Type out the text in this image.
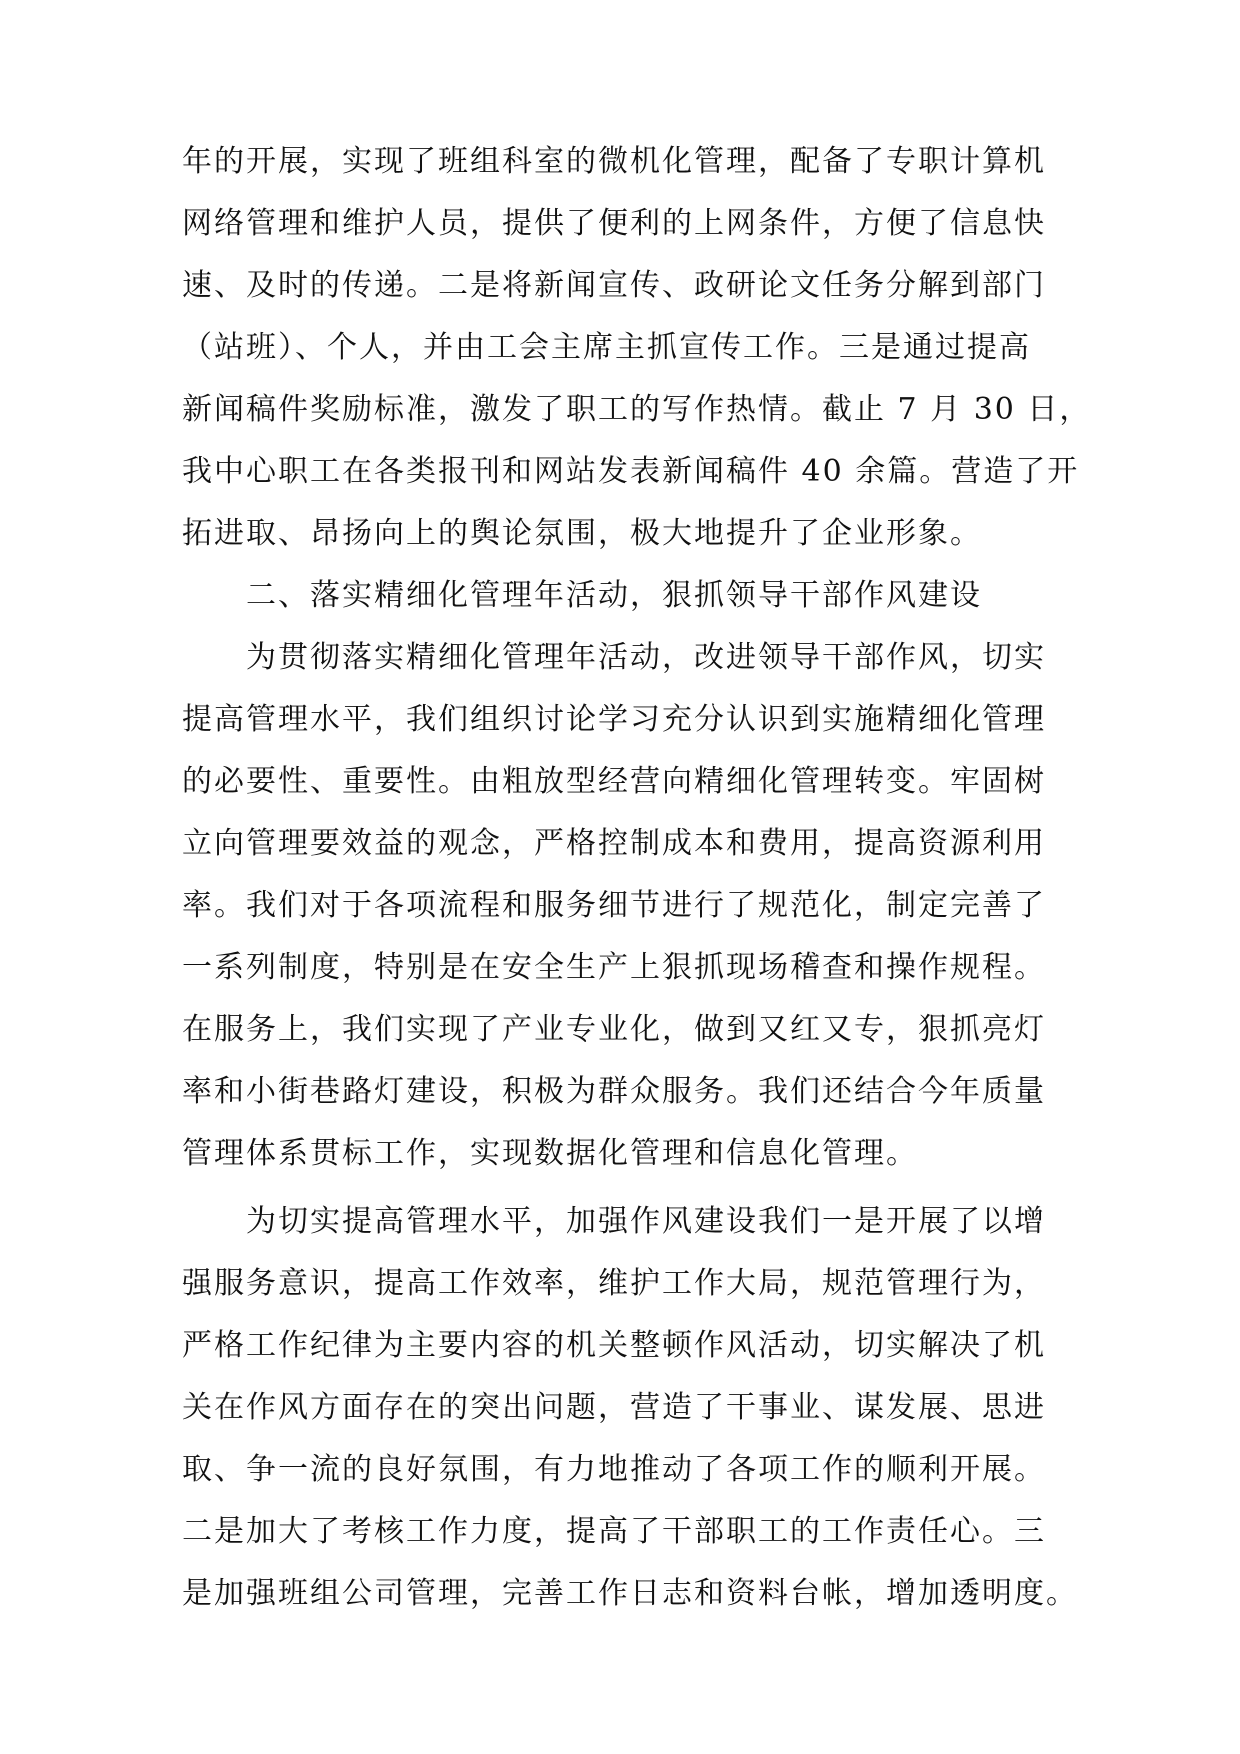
年的开展，实现了班组科室的微机化管理，配备了专职计算机
网络管理和维护人员，提供了便利的上网条件，方便了信息快
速、及时的传递。二是将新闻宣传、政研论文任务分解到部门
（站班）、个人，并由工会主席主抓宣传工作。三是通过提高
新闻稿件奖励标准，激发了职工的写作热情。截止 7 月 30 日，
我中心职工在各类报刊和网站发表新闻稿件 40 余篇。营造了开
拓进取、昂扬向上的舆论氛围，极大地提升了企业形象。
　　二、落实精细化管理年活动，狠抓领导干部作风建设
　　为贯彻落实精细化管理年活动，改进领导干部作风，切实
提高管理水平，我们组织讨论学习充分认识到实施精细化管理
的必要性、重要性。由粗放型经营向精细化管理转变。牢固树
立向管理要效益的观念，严格控制成本和费用，提高资源利用
率。我们对于各项流程和服务细节进行了规范化，制定完善了
一系列制度，特别是在安全生产上狠抓现场稽查和操作规程。
在服务上，我们实现了产业专业化，做到又红又专，狠抓亮灯
率和小街巷路灯建设，积极为群众服务。我们还结合今年质量
管理体系贯标工作，实现数据化管理和信息化管理。
　　为切实提高管理水平，加强作风建设我们一是开展了以增
强服务意识，提高工作效率，维护工作大局，规范管理行为，
严格工作纪律为主要内容的机关整顿作风活动，切实解决了机
关在作风方面存在的突出问题，营造了干事业、谋发展、思进
取、争一流的良好氛围，有力地推动了各项工作的顺利开展。
二是加大了考核工作力度，提高了干部职工的工作责任心。三
是加强班组公司管理，完善工作日志和资料台帐，增加透明度。
